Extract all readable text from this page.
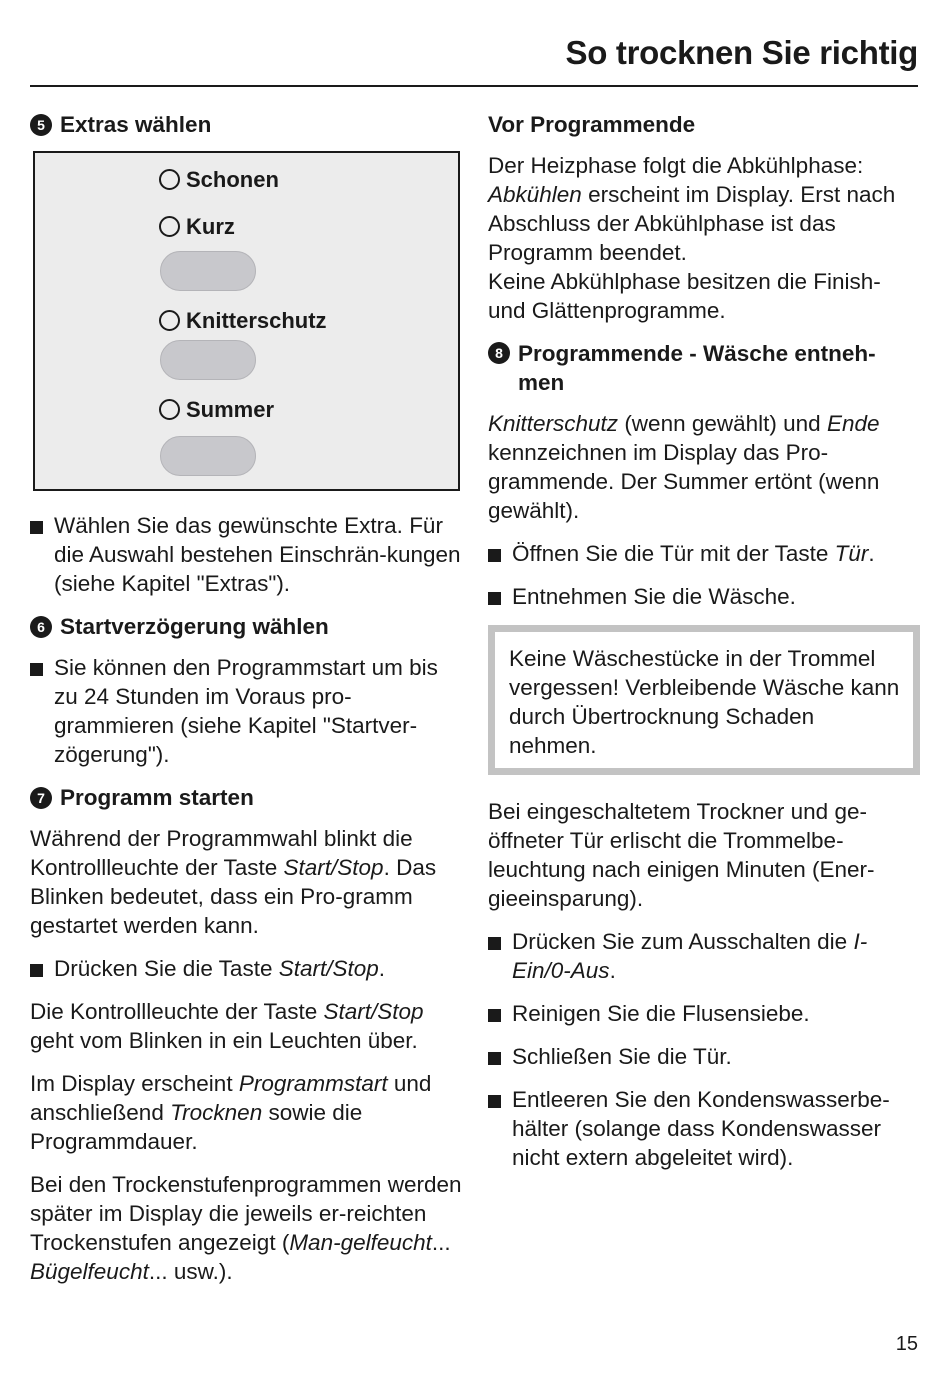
So trocknen Sie richtig
5 Extras wählen
Schonen
Kurz
Knitterschutz
Summer
Wählen Sie das gewünschte Extra. Für die Auswahl bestehen Einschrän-kungen (siehe Kapitel "Extras").
6 Startverzögerung wählen
Sie können den Programmstart um bis zu 24 Stunden im Voraus pro-grammieren (siehe Kapitel "Startver-zögerung").
7 Programm starten

Während der Programmwahl blinkt die Kontrollleuchte der Taste Start/Stop. Das Blinken bedeutet, dass ein Pro-gramm gestartet werden kann.

Drücken Sie die Taste Start/Stop.

Die Kontrollleuchte der Taste Start/Stop geht vom Blinken in ein Leuchten über.

Im Display erscheint Programmstart und anschließend Trocknen sowie die Programmdauer.

Bei den Trockenstufenprogrammen werden später im Display die jeweils er-reichten Trockenstufen angezeigt (Man-gelfeucht... Bügelfeucht... usw.).

Vor Programmende

Der Heizphase folgt die Abkühlphase: Abkühlen erscheint im Display. Erst nach Abschluss der Abkühlphase ist das Programm beendet.

Keine Abkühlphase besitzen die Finish- und Glättenprogramme.

8 Programmende - Wäsche entneh-men

Knitterschutz (wenn gewählt) und Ende kennzeichnen im Display das Pro-grammende. Der Summer ertönt (wenn gewählt).

Öffnen Sie die Tür mit der Taste Tür.
Entnehmen Sie die Wäsche.

Keine Wäschestücke in der Trommel vergessen! Verbleibende Wäsche kann durch Übertrocknung Schaden nehmen.

Bei eingeschaltetem Trockner und ge-öffneter Tür erlischt die Trommelbe-leuchtung nach einigen Minuten (Ener-gieeinsparung).

Drücken Sie zum Ausschalten die I-Ein/0-Aus.
Reinigen Sie die Flusensiebe.
Schließen Sie die Tür.
Entleeren Sie den Kondenswasserbe-hälter (solange dass Kondenswasser nicht extern abgeleitet wird).
15
